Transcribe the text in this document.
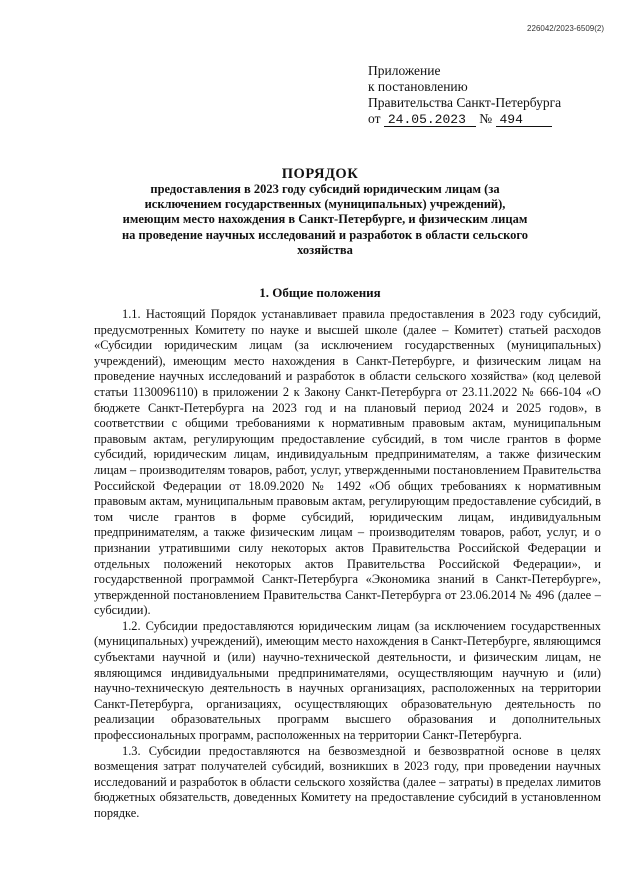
226042/2023-6509(2)
Приложение
к постановлению
Правительства Санкт-Петербурга
от 24.05.2023 № 494
ПОРЯДОК
предоставления в 2023 году субсидий юридическим лицам (за исключением государственных (муниципальных) учреждений), имеющим место нахождения в Санкт-Петербурге, и физическим лицам на проведение научных исследований и разработок в области сельского хозяйства
1. Общие положения

1.1. Настоящий Порядок устанавливает правила предоставления в 2023 году субсидий, предусмотренных Комитету по науке и высшей школе (далее – Комитет) статьей расходов «Субсидии юридическим лицам (за исключением государственных (муниципальных) учреждений), имеющим место нахождения в Санкт-Петербурге, и физическим лицам на проведение научных исследований и разработок в области сельского хозяйства» (код целевой статьи 1130096110) в приложении 2 к Закону Санкт-Петербурга от 23.11.2022 № 666-104 «О бюджете Санкт-Петербурга на 2023 год и на плановый период 2024 и 2025 годов», в соответствии с общими требованиями к нормативным правовым актам, муниципальным правовым актам, регулирующим предоставление субсидий, в том числе грантов в форме субсидий, юридическим лицам, индивидуальным предпринимателям, а также физическим лицам – производителям товаров, работ, услуг, утвержденными постановлением Правительства Российской Федерации от 18.09.2020 № 1492 «Об общих требованиях к нормативным правовым актам, муниципальным правовым актам, регулирующим предоставление субсидий, в том числе грантов в форме субсидий, юридическим лицам, индивидуальным предпринимателям, а также физическим лицам – производителям товаров, работ, услуг, и о признании утратившими силу некоторых актов Правительства Российской Федерации и отдельных положений некоторых актов Правительства Российской Федерации», и государственной программой Санкт-Петербурга «Экономика знаний в Санкт-Петербурге», утвержденной постановлением Правительства Санкт-Петербурга от 23.06.2014 № 496 (далее – субсидии).

1.2. Субсидии предоставляются юридическим лицам (за исключением государственных (муниципальных) учреждений), имеющим место нахождения в Санкт-Петербурге, являющимся субъектами научной и (или) научно-технической деятельности, и физическим лицам, не являющимся индивидуальными предпринимателями, осуществляющим научную и (или) научно-техническую деятельность в научных организациях, расположенных на территории Санкт-Петербурга, организациях, осуществляющих образовательную деятельность по реализации образовательных программ высшего образования и дополнительных профессиональных программ, расположенных на территории Санкт-Петербурга.

1.3. Субсидии предоставляются на безвозмездной и безвозвратной основе в целях возмещения затрат получателей субсидий, возникших в 2023 году, при проведении научных исследований и разработок в области сельского хозяйства (далее – затраты) в пределах лимитов бюджетных обязательств, доведенных Комитету на предоставление субсидий в установленном порядке.
